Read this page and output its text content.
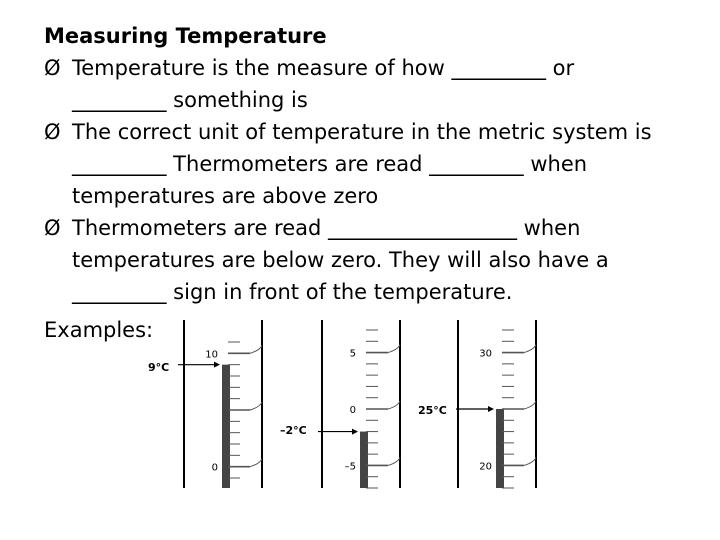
Measuring Temperature
Ø Temperature is the measure of how _________ or
_________ something is
Ø The correct unit of temperature in the metric system is
_________ Thermometers are read _________ when
temperatures are above zero
Ø Thermometers are read __________________ when
temperatures are below zero. They will also have a
_________ sign in front of the temperature.
Examples:
10
0
9°C
5
0
–5
–2°C
30
20
25°C
